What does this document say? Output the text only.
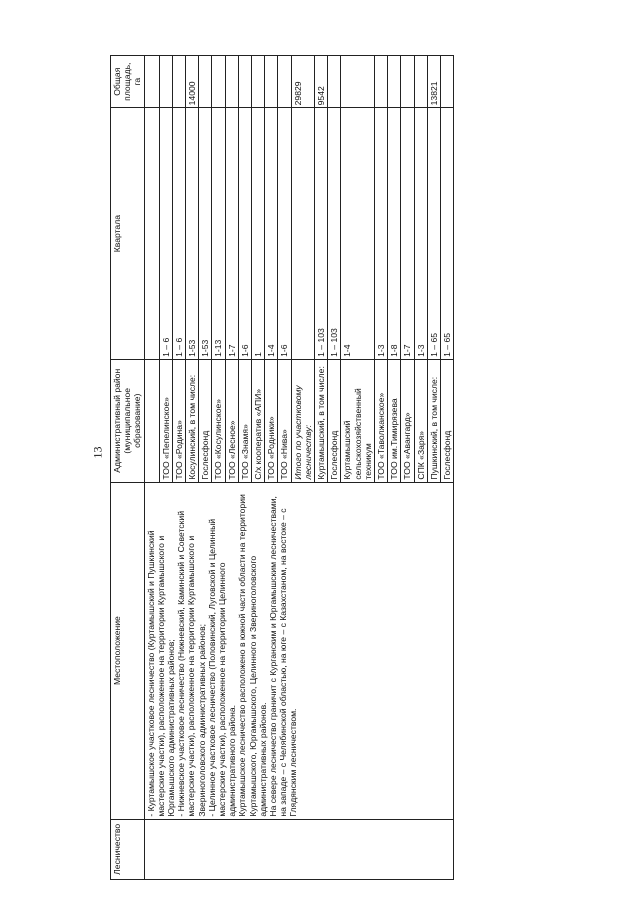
13
Лесничество	Местоположение	Административный район (муниципальное образование)	Квартала	Общая площадь, га
	- Куртамышское участковое лесничество (Куртамышский и Пушкинский мастерские участки), расположенное на территории Куртамышского и Юргамышского административных районов;
- Нижневское участковое лесничество (Нижневский, Каминский и Советский мастерские участки), расположенное на территории Куртамышского и Звериноголовского административных районов;
- Целинное участковое лесничество (Половинский, Луговской и Целинный мастерские участки), расположенное на территории Целинного административного района.
Куртамышское лесничество расположено в южной части области на территории Куртамышского, Юргамышского, Целинного и Звериноголовского административных районов.
На севере лесничество граничит с Курганским и Юргамышским лесничествами, на западе – с Челябинской областью, на юге – с Казахстаном, на востоке – с Глядянским лесничеством.			
		ТОО «Пепелинское»	1 – 6	
		ТОО «Родина»	1 – 6	
		Косулинский, в том числе:	1-53	14000
		Гослесфонд	1-53	
		ТОО «Косулинское»	1-13	
		ТОО «Лесное»	1-7	
		ТОО «Знамя»	1-6	
		С/х кооператив «АПИ»	1	
		ТОО «Родники»	1-4	
		ТОО «Нива»	1-6	
		Итого по участковому лесничеству:		29829
		Куртамышский, в том числе:	1 – 103	9542
		Гослесфонд	1 – 103	
		Куртамышский сельскохозяйственный техникум	1-4	
		ТОО «Таволжанское»	1-3	
		ТОО им.Тимирязева	1-8	
		ТОО «Авангард»	1-7	
		СПК «Заря»	1-3	
		Пушкинский, в том числе:	1 – 65	13821
		Гослесфонд	1 – 65	
